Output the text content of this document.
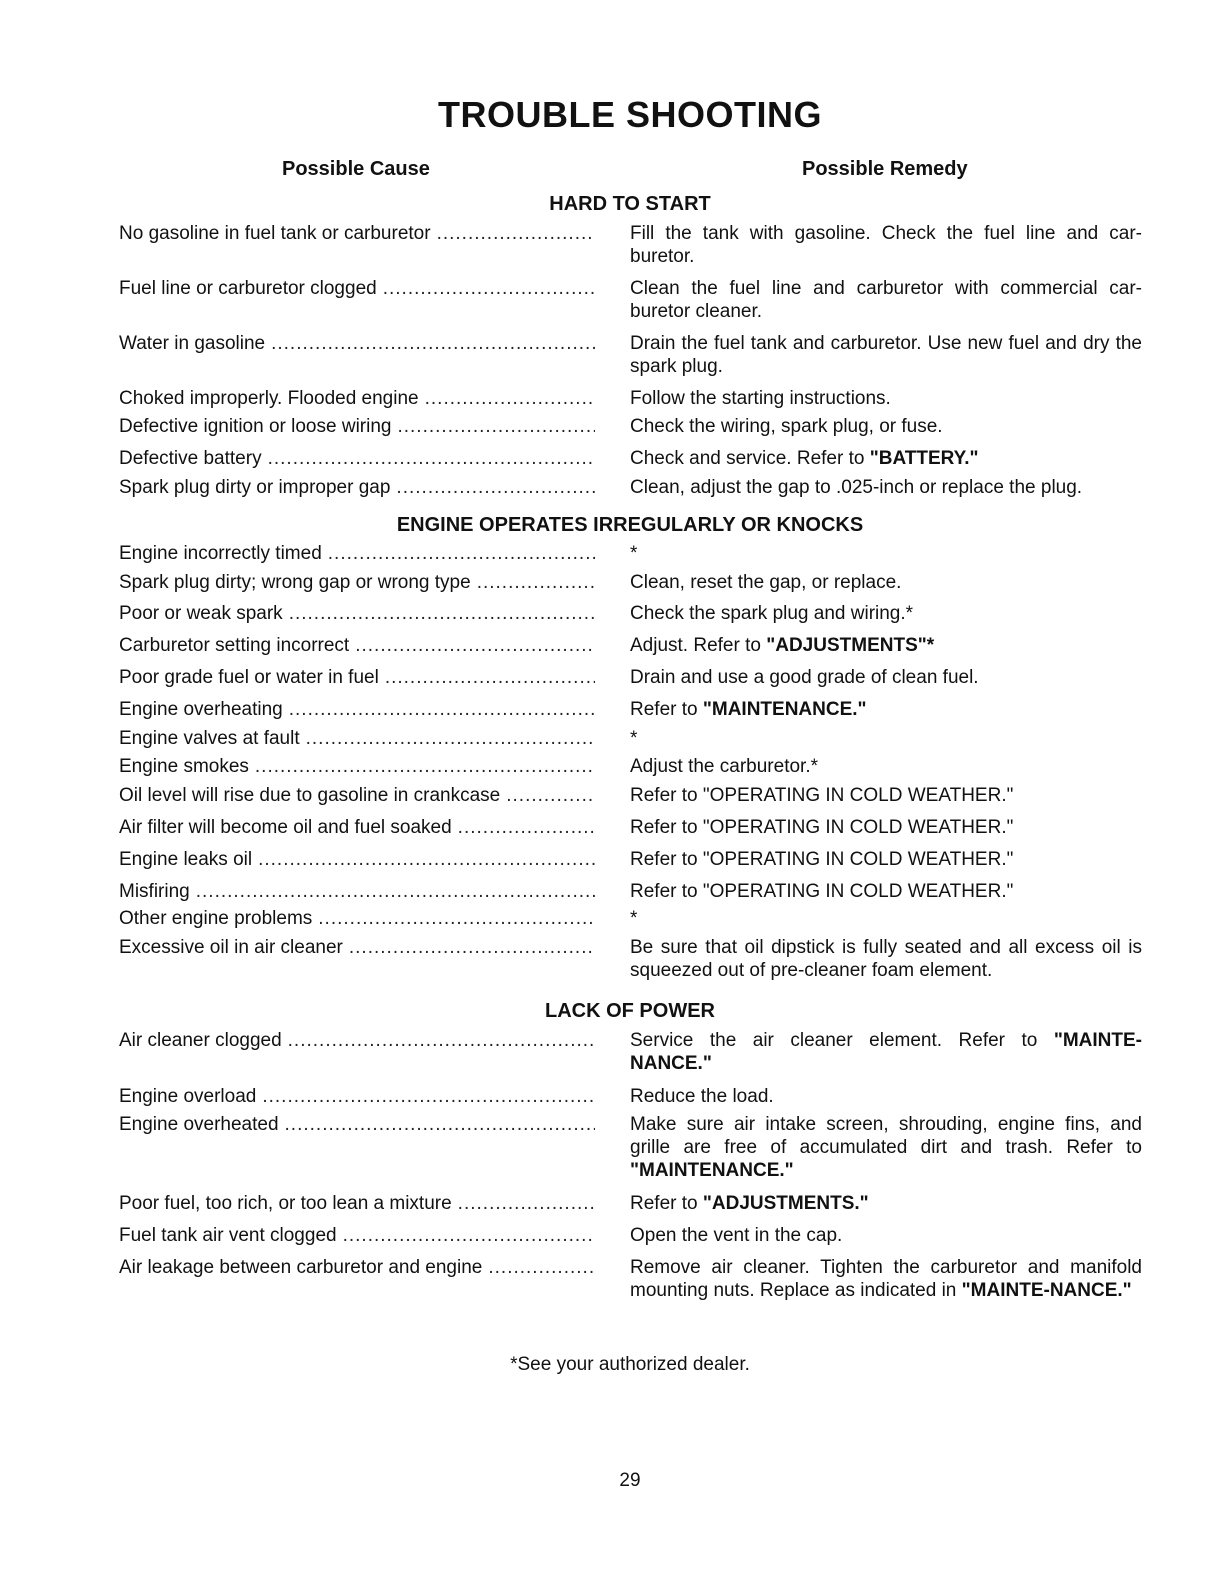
TROUBLE SHOOTING
Possible Cause	Possible Remedy
HARD TO START
No gasoline in fuel tank or carburetor .....	Fill the tank with gasoline. Check the fuel line and car-buretor.
Fuel line or carburetor clogged .....	Clean the fuel line and carburetor with commercial car-buretor cleaner.
Water in gasoline .....	Drain the fuel tank and carburetor. Use new fuel and dry the spark plug.
Choked improperly. Flooded engine .....	Follow the starting instructions.
Defective ignition or loose wiring .....	Check the wiring, spark plug, or fuse.
Defective battery .....	Check and service. Refer to "BATTERY."
Spark plug dirty or improper gap .....	Clean, adjust the gap to .025-inch or replace the plug.
ENGINE OPERATES IRREGULARLY OR KNOCKS
Engine incorrectly timed .....	*
Spark plug dirty; wrong gap or wrong type .....	Clean, reset the gap, or replace.
Poor or weak spark .....	Check the spark plug and wiring.*
Carburetor setting incorrect .....	Adjust. Refer to "ADJUSTMENTS"*
Poor grade fuel or water in fuel .....	Drain and use a good grade of clean fuel.
Engine overheating .....	Refer to "MAINTENANCE."
Engine valves at fault .....	*
Engine smokes .....	Adjust the carburetor.*
Oil level will rise due to gasoline in crankcase .....	Refer to "OPERATING IN COLD WEATHER."
Air filter will become oil and fuel soaked .....	Refer to "OPERATING IN COLD WEATHER."
Engine leaks oil .....	Refer to "OPERATING IN COLD WEATHER."
Misfiring .....	Refer to "OPERATING IN COLD WEATHER."
Other engine problems .....	*
Excessive oil in air cleaner .....	Be sure that oil dipstick is fully seated and all excess oil is squeezed out of pre-cleaner foam element.
LACK OF POWER
Air cleaner clogged .....	Service the air cleaner element. Refer to "MAINTE-NANCE."
Engine overload .....	Reduce the load.
Engine overheated .....	Make sure air intake screen, shrouding, engine fins, and grille are free of accumulated dirt and trash. Refer to "MAINTENANCE."
Poor fuel, too rich, or too lean a mixture .....	Refer to "ADJUSTMENTS."
Fuel tank air vent clogged .....	Open the vent in the cap.
Air leakage between carburetor and engine .....	Remove air cleaner. Tighten the carburetor and manifold mounting nuts. Replace as indicated in "MAINTE-NANCE."
*See your authorized dealer.
29
